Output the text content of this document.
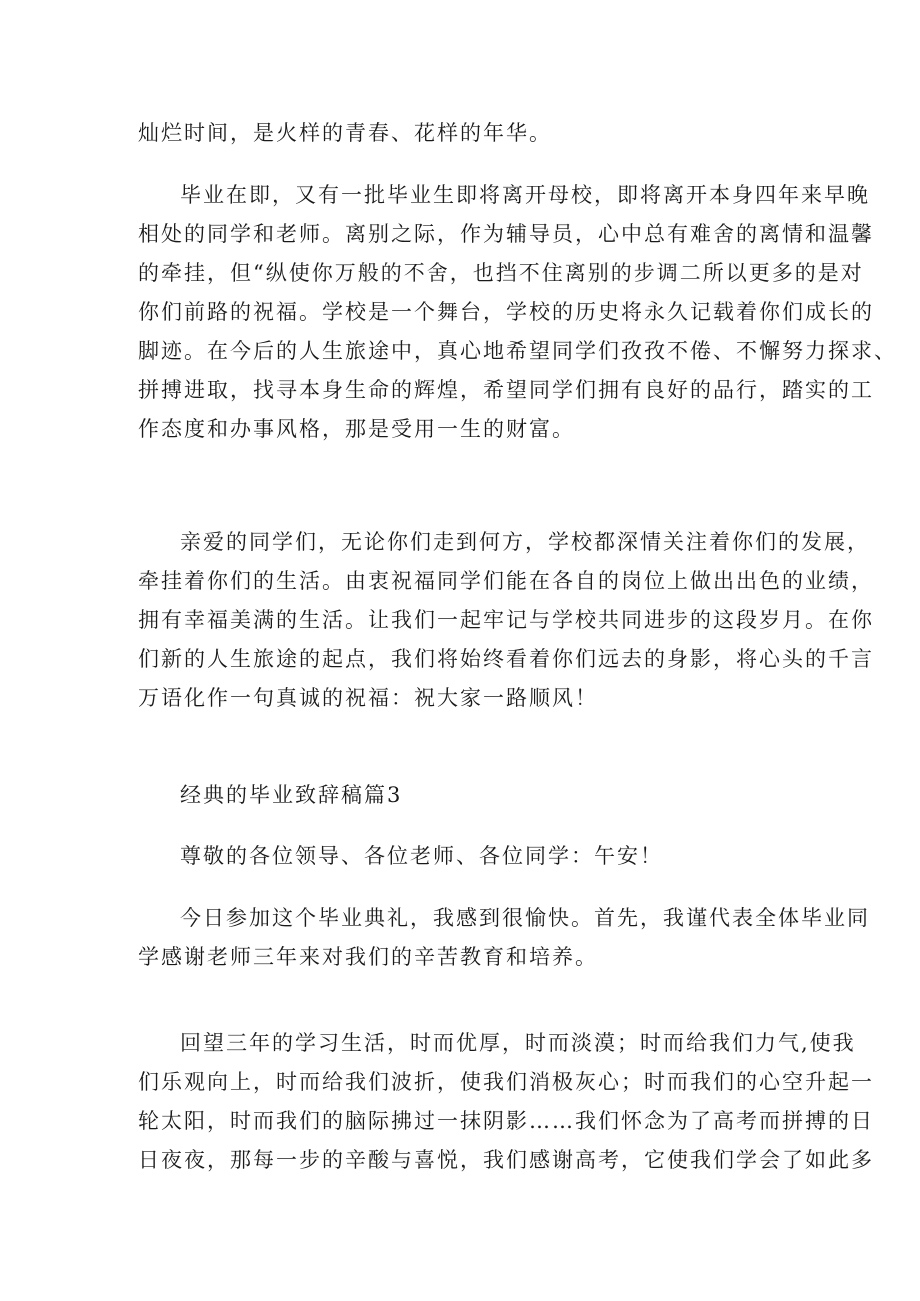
灿烂时间，是火样的青春、花样的年华。
毕业在即，又有一批毕业生即将离开母校，即将离开本身四年来早晚
相处的同学和老师。离别之际，作为辅导员，心中总有难舍的离情和温馨
的牵挂，但“纵使你万般的不舍，也挡不住离别的步调二所以更多的是对
你们前路的祝福。学校是一个舞台，学校的历史将永久记载着你们成长的
脚迹。在今后的人生旅途中，真心地希望同学们孜孜不倦、不懈努力探求、
拼搏进取，找寻本身生命的辉煌，希望同学们拥有良好的品行，踏实的工
作态度和办事风格，那是受用一生的财富。
亲爱的同学们，无论你们走到何方，学校都深情关注着你们的发展，
牵挂着你们的生活。由衷祝福同学们能在各自的岗位上做出出色的业绩，
拥有幸福美满的生活。让我们一起牢记与学校共同进步的这段岁月。在你
们新的人生旅途的起点，我们将始终看着你们远去的身影，将心头的千言
万语化作一句真诚的祝福：祝大家一路顺风！
经典的毕业致辞稿篇3
尊敬的各位领导、各位老师、各位同学：午安！
今日参加这个毕业典礼，我感到很愉快。首先，我谨代表全体毕业同
学感谢老师三年来对我们的辛苦教育和培养。
回望三年的学习生活，时而优厚，时而淡漠；时而给我们力气,使我
们乐观向上，时而给我们波折，使我们消极灰心；时而我们的心空升起一
轮太阳，时而我们的脑际拂过一抹阴影……我们怀念为了高考而拼搏的日
日夜夜，那每一步的辛酸与喜悦，我们感谢高考，它使我们学会了如此多
